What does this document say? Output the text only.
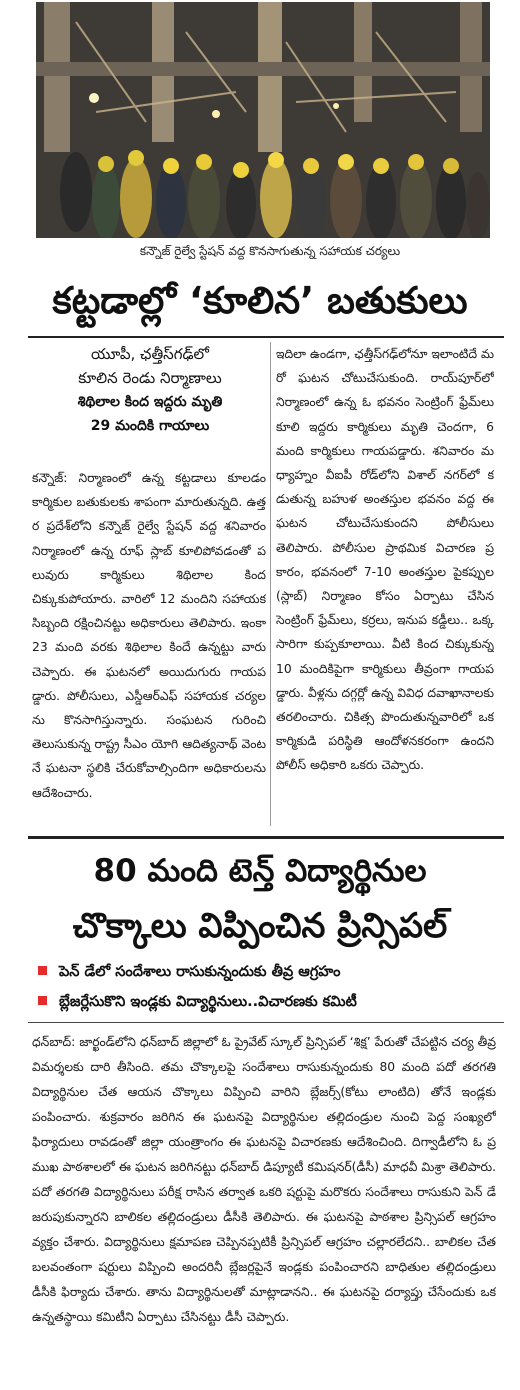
కన్నౌజ్‌ రైల్వే స్టేషన్‌ వద్ద కొనసాగుతున్న సహాయక చర్యలు
కట్టడాల్లో ‘కూలిన’ బతుకులు
యూపీ, ఛత్తీస్‌గఢ్‌లో
కూలిన రెండు నిర్మాణాలు
శిథిలాల కింద ఇద్దరు మృతి
29 మందికి గాయాలు
కన్నౌజ్‌: నిర్మాణంలో ఉన్న కట్టడాలు కూలడం కార్మికుల బతుకులకు శాపంగా మారుతున్నది. ఉత్తర ప్రదేశ్‌లోని కన్నౌజ్‌ రైల్వే స్టేషన్‌ వద్ద శనివారం నిర్మాణంలో ఉన్న రూఫ్‌ స్లాబ్‌ కూలిపోవడంతో పలువురు కార్మికులు శిథిలాల కింద చిక్కుకుపోయారు. వారిలో 12 మందిని సహాయక సిబ్బంది రక్షించినట్టు అధికారులు తెలిపారు. ఇంకా 23 మంది వరకు శిథిలాల కిందే ఉన్నట్టు వారు చెప్పారు. ఈ ఘటనలో అయిదుగురు గాయపడ్డారు. పోలీసులు, ఎస్డీఆర్‌ఎఫ్‌ సహాయక చర్యలను కొనసాగిస్తున్నారు. సంఘటన గురించి తెలుసుకున్న రాష్ట్ర సీఎం యోగి ఆదిత్యనాథ్‌ వెంటనే ఘటనా స్థలికి చేరుకోవాల్సిందిగా అధికారులను ఆదేశించారు.
ఇదిలా ఉండగా, ఛత్తీస్‌గఢ్‌లోనూ ఇలాంటిదే మరో ఘటన చోటుచేసుకుంది. రాయ్‌పూర్‌లో నిర్మాణంలో ఉన్న ఓ భవనం సెంట్రింగ్‌ ఫ్రేమ్‌లు కూలి ఇద్దరు కార్మికులు మృతి చెందగా, 6 మంది కార్మికులు గాయపడ్డారు. శనివారం మధ్యాహ్నం వీఐపీ రోడ్‌లోని విశాల్‌ నగర్‌లో కడుతున్న బహుళ అంతస్తుల భవనం వద్ద ఈ ఘటన చోటుచేసుకుందని పోలీసులు తెలిపారు. పోలీసుల ప్రాథమిక విచారణ ప్రకారం, భవనంలో 7-10 అంతస్తుల పైకప్పుల (స్లాబ్‌) నిర్మాణం కోసం ఏర్పాటు చేసిన సెంట్రింగ్‌ ఫ్రేమ్‌లు, కర్రలు, ఇనుప కడ్డీలు.. ఒక్కసారిగా కుప్పకూలాయి. వీటి కింద చిక్కుకున్న 10 మందికిపైగా కార్మికులు తీవ్రంగా గాయపడ్డారు. వీళ్లను దగ్గర్లో ఉన్న వివిధ దవాఖానాలకు తరలించారు. చికిత్స పొందుతున్నవారిలో ఒక కార్మికుడి పరిస్థితి ఆందోళనకరంగా ఉందని పోలీస్‌ అధికారి ఒకరు చెప్పారు.
80 మంది టెన్త్‌ విద్యార్థినుల
చొక్కాలు విప్పించిన ప్రిన్సిపల్‌
పెన్‌ డేలో సందేశాలు రాసుకున్నందుకు తీవ్ర ఆగ్రహం
బ్లేజర్లేసుకొని ఇండ్లకు విద్యార్థినులు..విచారణకు కమిటీ
ధన్‌బాద్‌: జార్ఖండ్‌లోని ధన్‌బాద్‌ జిల్లాలో ఓ ప్రైవేట్‌ స్కూల్‌ ప్రిన్సిపల్‌ ‘శిక్ష’ పేరుతో చేపట్టిన చర్య తీవ్ర విమర్శలకు దారి తీసింది. తమ చొక్కాలపై సందేశాలు రాసుకున్నందుకు 80 మంది పదో తరగతి విద్యార్థినుల చేత ఆయన చొక్కాలు విప్పించి వారిని బ్లేజర్స్‌(కోటు లాంటిది) తోనే ఇండ్లకు పంపించారు. శుక్రవారం జరిగిన ఈ ఘటనపై విద్యార్థినుల తల్లిదండ్రుల నుంచి పెద్ద సంఖ్యలో ఫిర్యాదులు రావడంతో జిల్లా యంత్రాంగం ఈ ఘటనపై విచారణకు ఆదేశించింది. దిగ్వాడీలోని ఓ ప్రముఖ పాఠశాలలో ఈ ఘటన జరిగినట్టు ధన్‌బాద్‌ డిప్యూటీ కమిషనర్‌(డీసీ) మాధవీ మిశ్రా తెలిపారు. పదో తరగతి విద్యార్థినులు పరీక్ష రాసిన తర్వాత ఒకరి షర్టుపై మరొకరు సందేశాలు రాసుకుని పెన్‌ డే జరుపుకున్నారని బాలికల తల్లిదండ్రులు డీసీకి తెలిపారు. ఈ ఘటనపై పాఠశాల ప్రిన్సిపల్‌ ఆగ్రహం వ్యక్తం చేశారు. విద్యార్థినులు క్షమాపణ చెప్పినప్పటికీ ప్రిన్సిపల్‌ ఆగ్రహం చల్లారలేదని.. బాలికల చేత బలవంతంగా షర్టులు విప్పించి అందరినీ బ్లేజర్లపైనే ఇండ్లకు పంపించారని బాధితుల తల్లిదండ్రులు డీసీకి ఫిర్యాదు చేశారు. తాను విద్యార్థినులతో మాట్లాడానని.. ఈ ఘటనపై దర్యాప్తు చేసేందుకు ఒక ఉన్నతస్థాయి కమిటీని ఏర్పాటు చేసినట్టు డీసీ చెప్పారు.
